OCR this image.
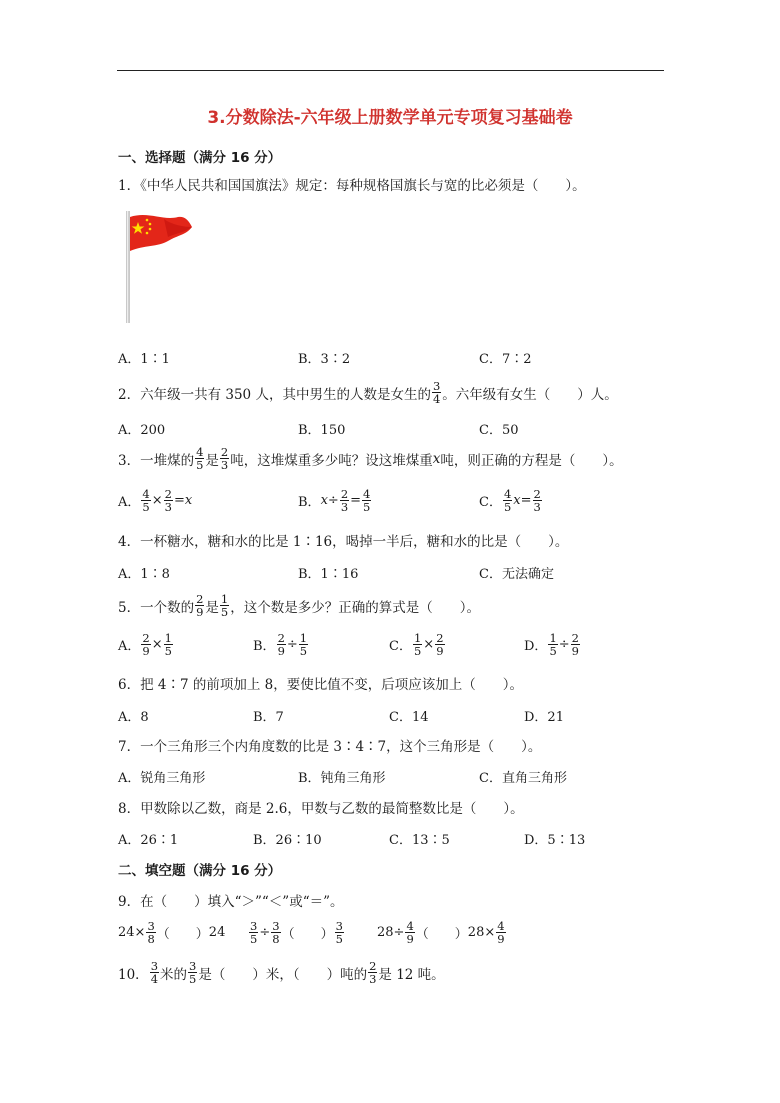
3.分数除法-六年级上册数学单元专项复习基础卷
一、选择题（满分 16 分）
1．《中华人民共和国国旗法》规定：每种规格国旗长与宽的比必须是（　　）。
A．1∶1	B．3∶2	C．7∶2
2．六年级一共有 350 人，其中男生的人数是女生的 $\frac{3}{4}$ 。六年级有女生（　　）人。
A．200	B．150	C．50
3．一堆煤的 $\frac{4}{5}$ 是 $\frac{2}{3}$ 吨，这堆煤重多少吨？设这堆煤重 x 吨，则正确的方程是（　　）。
A． $\frac{4}{5} \times \frac{2}{3} = x$	B． $x \div \frac{2}{3} = \frac{4}{5}$	C． $\frac{4}{5}$ $x = \frac{2}{3}$
4．一杯糖水，糖和水的比是 1∶16，喝掉一半后，糖和水的比是（　　）。
A．1∶8	B．1∶16	C．无法确定
5．一个数的 $\frac{2}{9}$ 是 $\frac{1}{5}$ ，这个数是多少？正确的算式是（　　）。
A． $\frac{2}{9} \times \frac{1}{5}$	B． $\frac{2}{9} \div \frac{1}{5}$	C． $\frac{1}{5} \times \frac{2}{9}$	D． $\frac{1}{5} \div \frac{2}{9}$
6．把 4∶7 的前项加上 8，要使比值不变，后项应该加上（　　）。
A．8	B．7	C．14	D．21
7．一个三角形三个内角度数的比是 3∶4∶7，这个三角形是（　　）。
A．锐角三角形	B．钝角三角形	C．直角三角形
8．甲数除以乙数，商是 2.6，甲数与乙数的最简整数比是（　　）。
A．26∶1	B．26∶10	C．13∶5	D．5∶13
二、填空题（满分 16 分）
9．在（　　）填入“＞”“＜”或“＝”。
$24 \times \frac{3}{8}$ （　　） $24 \frac{3}{5} \div \frac{3}{8}$ （　　） $\frac{3}{5}$	$28 \div \frac{4}{9}$ （　　） $28 \times \frac{4}{9}$
10． $\frac{3}{4}$ 米的 $\frac{3}{5}$ 是（　　）米，（　　）吨的 $\frac{2}{3}$ 是 12 吨。
